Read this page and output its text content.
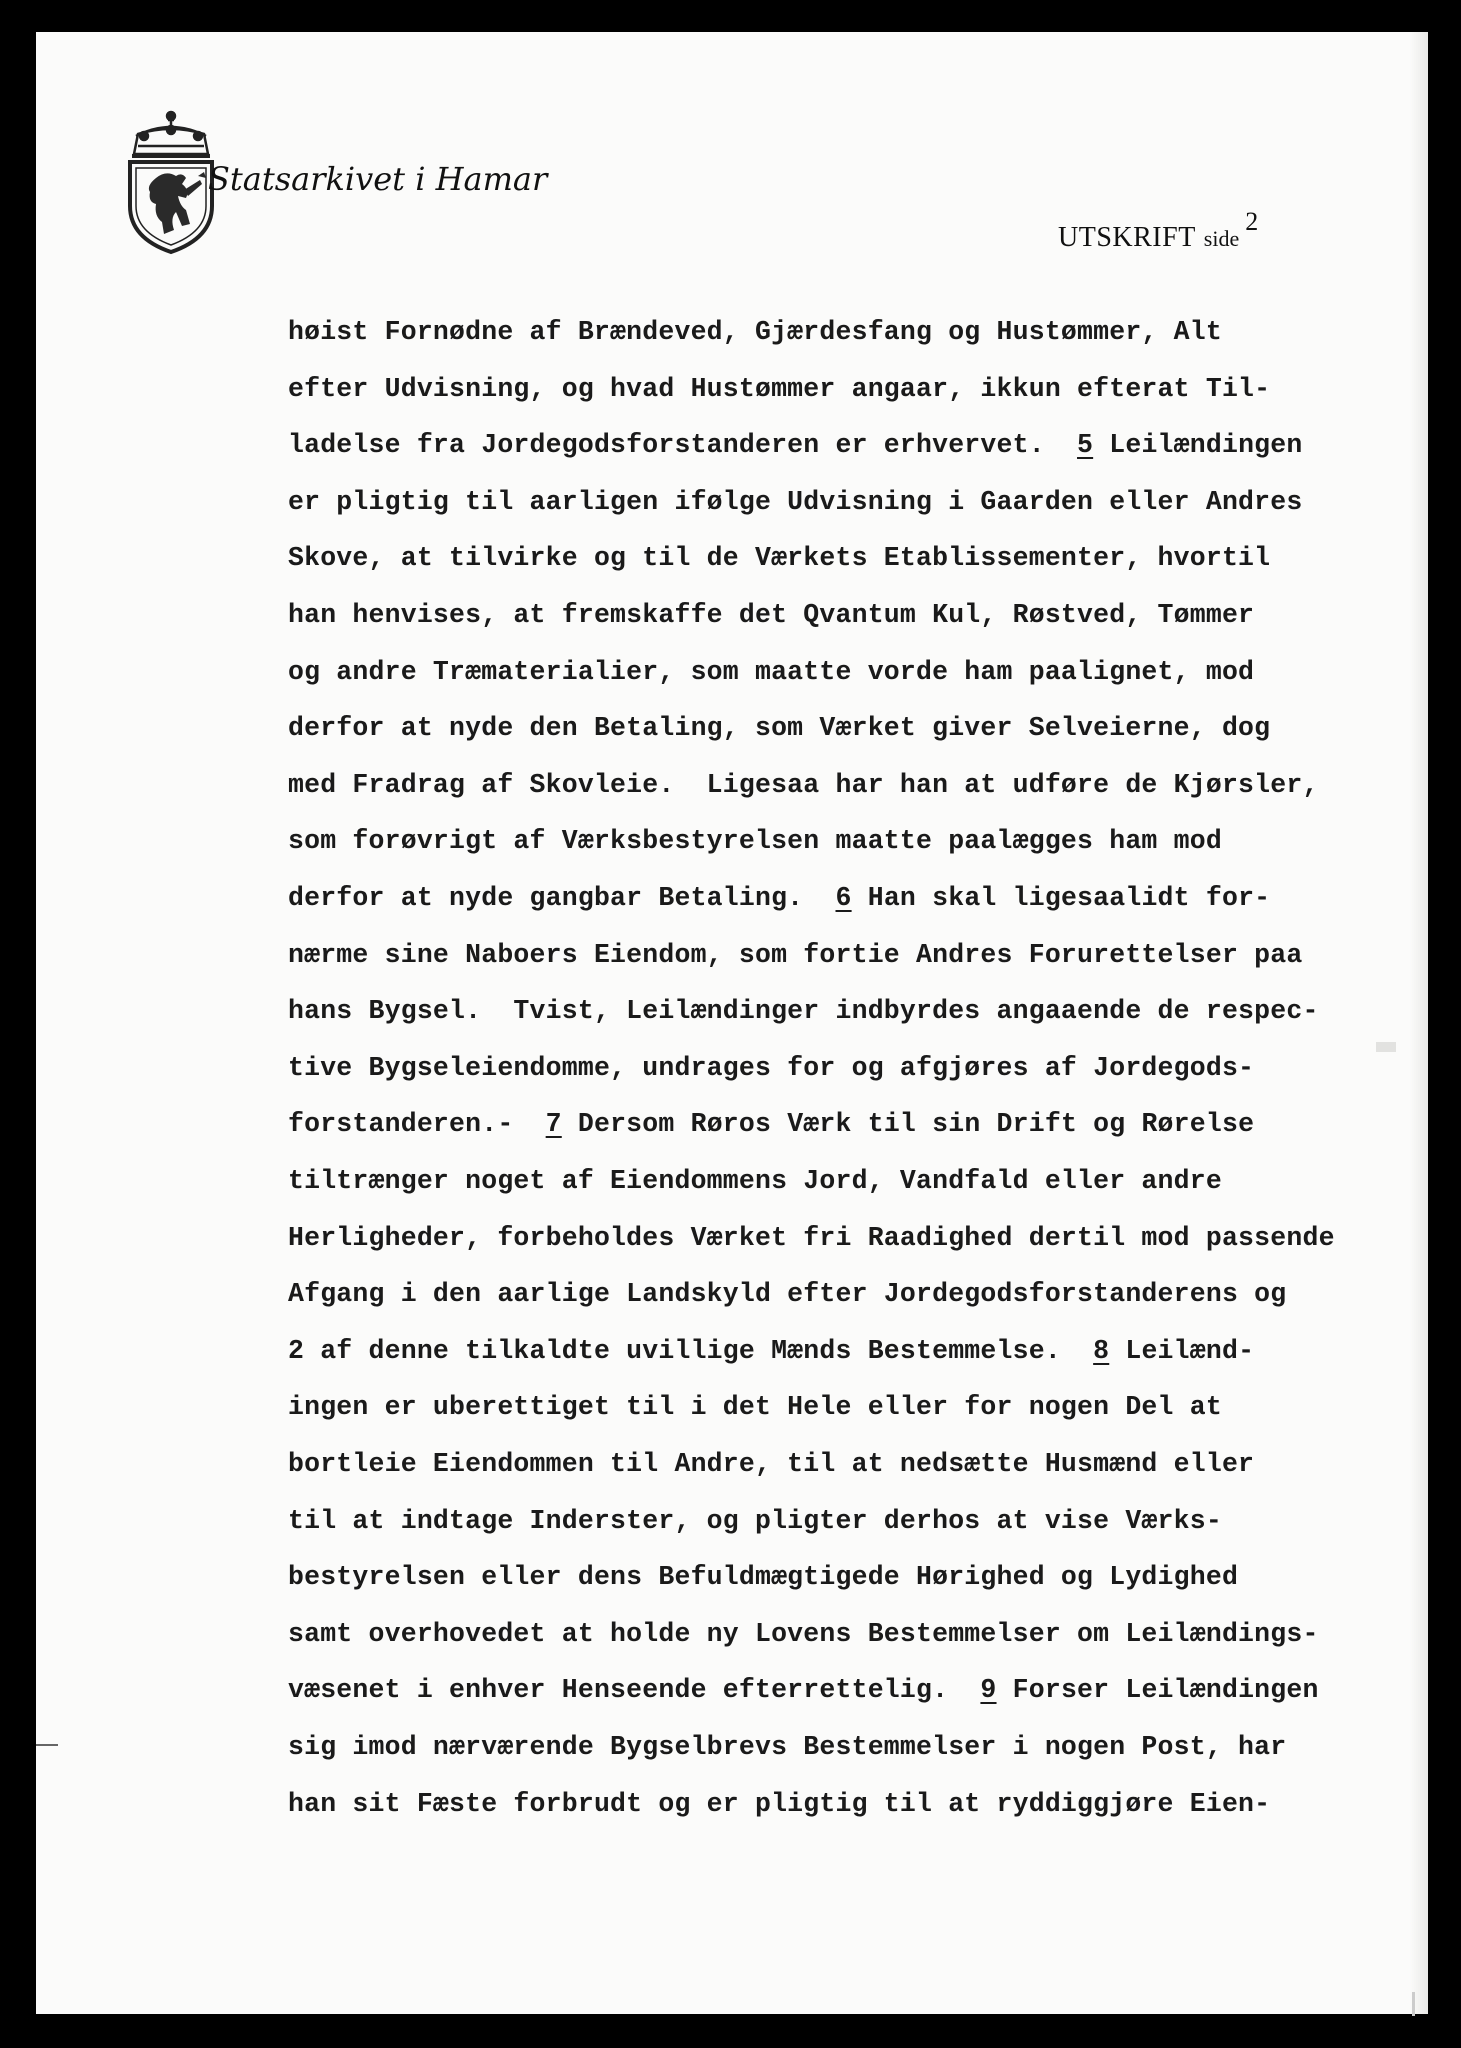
Statsarkivet i Hamar
UTSKRIFT side2
høist Fornødne af Brændeved, Gjærdesfang og Hustømmer, Alt
efter Udvisning, og hvad Hustømmer angaar, ikkun efterat Til-
ladelse fra Jordegodsforstanderen er erhvervet.  5 Leilændingen
er pligtig til aarligen ifølge Udvisning i Gaarden eller Andres
Skove, at tilvirke og til de Værkets Etablissementer, hvortil
han henvises, at fremskaffe det Qvantum Kul, Røstved, Tømmer
og andre Træmaterialier, som maatte vorde ham paalignet, mod
derfor at nyde den Betaling, som Værket giver Selveierne, dog
med Fradrag af Skovleie.  Ligesaa har han at udføre de Kjørsler,
som forøvrigt af Værksbestyrelsen maatte paalægges ham mod
derfor at nyde gangbar Betaling.  6 Han skal ligesaalidt for-
nærme sine Naboers Eiendom, som fortie Andres Forurettelser paa
hans Bygsel.  Tvist, Leilændinger indbyrdes angaaende de respec-
tive Bygseleiendomme, undrages for og afgjøres af Jordegods-
forstanderen.-  7 Dersom Røros Værk til sin Drift og Rørelse
tiltrænger noget af Eiendommens Jord, Vandfald eller andre
Herligheder, forbeholdes Værket fri Raadighed dertil mod passende
Afgang i den aarlige Landskyld efter Jordegodsforstanderens og
2 af denne tilkaldte uvillige Mænds Bestemmelse.  8 Leilænd-
ingen er uberettiget til i det Hele eller for nogen Del at
bortleie Eiendommen til Andre, til at nedsætte Husmænd eller
til at indtage Inderster, og pligter derhos at vise Værks-
bestyrelsen eller dens Befuldmægtigede Hørighed og Lydighed
samt overhovedet at holde ny Lovens Bestemmelser om Leilændings-
væsenet i enhver Henseende efterrettelig.  9 Forser Leilændingen
sig imod nærværende Bygselbrevs Bestemmelser i nogen Post, har
han sit Fæste forbrudt og er pligtig til at ryddiggjøre Eien-
